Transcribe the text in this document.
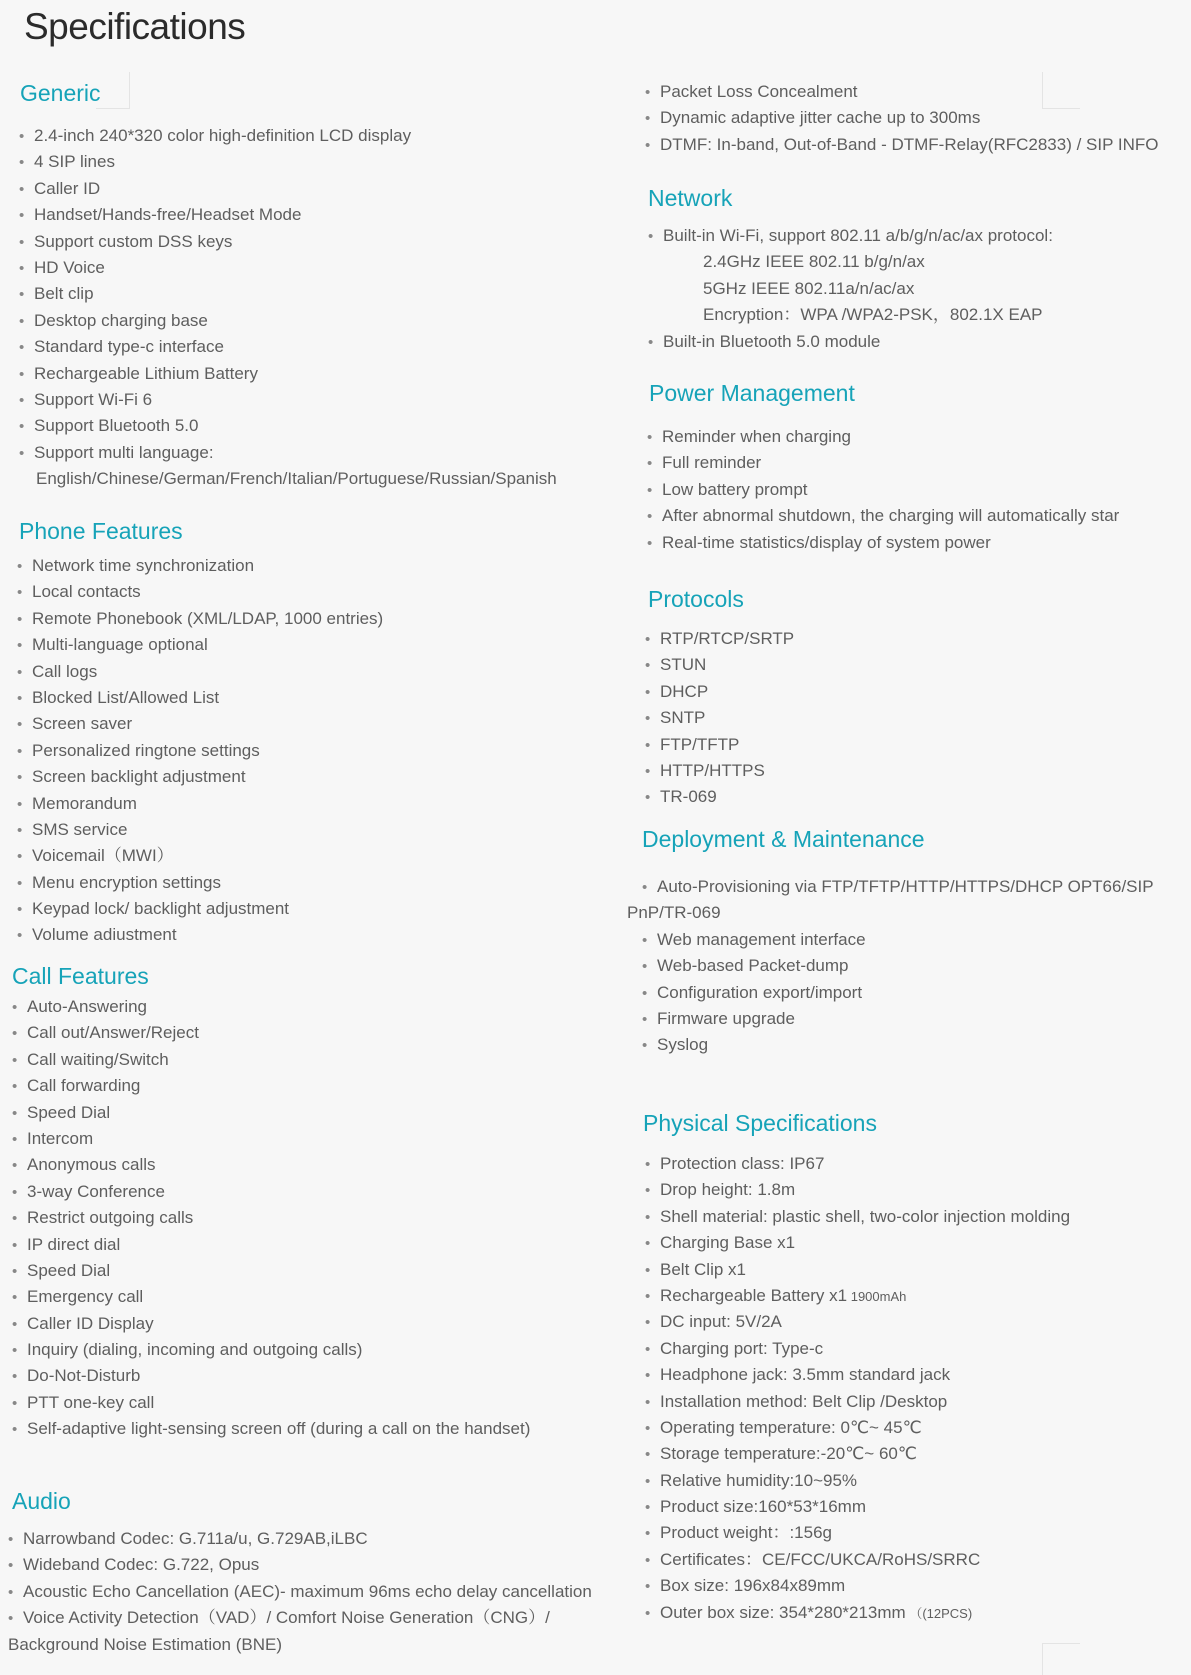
Specifications
Generic
• 2.4-inch 240*320 color high-definition LCD display
• 4 SIP lines
• Caller ID
• Handset/Hands-free/Headset Mode
• Support custom DSS keys
• HD Voice
• Belt clip
• Desktop charging base
• Standard type-c interface
• Rechargeable Lithium Battery
• Support Wi-Fi 6
• Support Bluetooth 5.0
• Support multi language:
English/Chinese/German/French/Italian/Portuguese/Russian/Spanish
Phone Features
• Network time synchronization
• Local contacts
• Remote Phonebook (XML/LDAP, 1000 entries)
• Multi-language optional
• Call logs
• Blocked List/Allowed List
• Screen saver
• Personalized ringtone settings
• Screen backlight adjustment
• Memorandum
• SMS service
• Voicemail（MWI）
• Menu encryption settings
• Keypad lock/ backlight adjustment
• Volume adiustment
Call Features
• Auto-Answering
• Call out/Answer/Reject
• Call waiting/Switch
• Call forwarding
• Speed Dial
• Intercom
• Anonymous calls
• 3-way Conference
• Restrict outgoing calls
• IP direct dial
• Speed Dial
• Emergency call
• Caller ID Display
• Inquiry (dialing, incoming and outgoing calls)
• Do-Not-Disturb
• PTT one-key call
• Self-adaptive light-sensing screen off (during a call on the handset)
Audio
• Narrowband Codec: G.711a/u, G.729AB,iLBC
• Wideband Codec: G.722, Opus
• Acoustic Echo Cancellation (AEC)- maximum 96ms echo delay cancellation
• Voice Activity Detection（VAD）/ Comfort Noise Generation（CNG）/
Background Noise Estimation (BNE)
• Packet Loss Concealment
• Dynamic adaptive jitter cache up to 300ms
• DTMF: In-band, Out-of-Band - DTMF-Relay(RFC2833) / SIP INFO
Network
• Built-in Wi-Fi, support 802.11 a/b/g/n/ac/ax protocol:
2.4GHz IEEE 802.11 b/g/n/ax
5GHz IEEE 802.11a/n/ac/ax
Encryption：WPA /WPA2-PSK，802.1X EAP
• Built-in Bluetooth 5.0 module
Power Management
• Reminder when charging
• Full reminder
• Low battery prompt
• After abnormal shutdown, the charging will automatically star
• Real-time statistics/display of system power
Protocols
• RTP/RTCP/SRTP
• STUN
• DHCP
• SNTP
• FTP/TFTP
• HTTP/HTTPS
• TR-069
Deployment & Maintenance
• Auto-Provisioning via FTP/TFTP/HTTP/HTTPS/DHCP OPT66/SIP
PnP/TR-069
• Web management interface
• Web-based Packet-dump
• Configuration export/import
• Firmware upgrade
• Syslog
Physical Specifications
• Protection class: IP67
• Drop height: 1.8m
• Shell material: plastic shell, two-color injection molding
• Charging Base x1
• Belt Clip x1
• Rechargeable Battery x1 1900mAh
• DC input: 5V/2A
• Charging port: Type-c
• Headphone jack: 3.5mm standard jack
• Installation method: Belt Clip /Desktop
• Operating temperature: 0℃~ 45℃
• Storage temperature:-20℃~ 60℃
• Relative humidity:10~95%
• Product size:160*53*16mm
• Product weight：:156g
• Certificates：CE/FCC/UKCA/RoHS/SRRC
• Box size: 196x84x89mm
• Outer box size: 354*280*213mm （(12PCS)
